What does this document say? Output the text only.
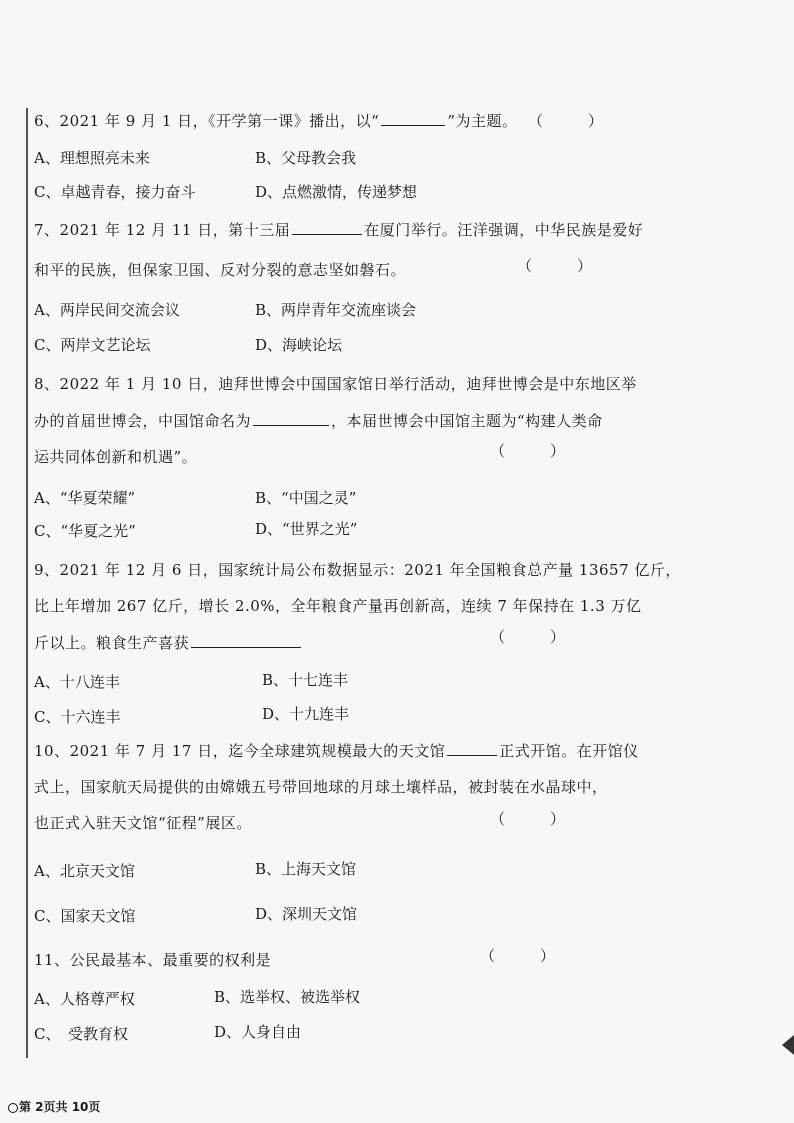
6、2021 年 9 月 1 日，《开学第一课》播出，以“	”为主题。 （　　　）
A、理想照亮未来	B、父母教会我
C、卓越青春，接力奋斗	D、点燃激情，传递梦想
7、2021 年 12 月 11 日，第十三届	在厦门举行。汪洋强调，中华民族是爱好
和平的民族，但保家卫国、反对分裂的意志坚如磐石。	（　　　）
A、两岸民间交流会议	B、两岸青年交流座谈会
C、两岸文艺论坛	D、海峡论坛
8、2022 年 1 月 10 日，迪拜世博会中国国家馆日举行活动，迪拜世博会是中东地区举
办的首届世博会，中国馆命名为	，本届世博会中国馆主题为“构建人类命
运共同体创新和机遇”。	（　　　）
A、“华夏荣耀”	B、“中国之灵”
C、“华夏之光”	D、“世界之光”
9、2021 年 12 月 6 日，国家统计局公布数据显示：2021 年全国粮食总产量 13657 亿斤，
比上年增加 267 亿斤，增长 2.0%，全年粮食产量再创新高，连续 7 年保持在 1.3 万亿
斤以上。粮食生产喜获	（　　　）
A、十八连丰	B、十七连丰
C、十六连丰	D、十九连丰
10、2021 年 7 月 17 日，迄今全球建筑规模最大的天文馆	正式开馆。在开馆仪
式上，国家航天局提供的由嫦娥五号带回地球的月球土壤样品，被封装在水晶球中，
也正式入驻天文馆“征程”展区。	（　　　）
A、北京天文馆	B、上海天文馆
C、国家天文馆	D、深圳天文馆
11、公民最基本、最重要的权利是	（　　　）
A、人格尊严权	B、选举权、被选举权
C、　受教育权	D、人身自由
第 2页共 10页
